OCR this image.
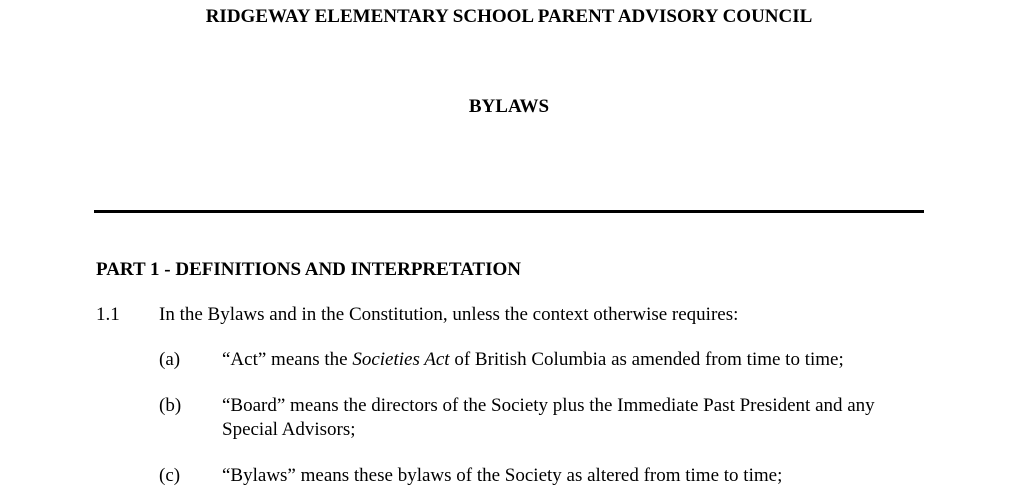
RIDGEWAY ELEMENTARY SCHOOL PARENT ADVISORY COUNCIL
BYLAWS
PART 1 - DEFINITIONS AND INTERPRETATION
1.1 In the Bylaws and in the Constitution, unless the context otherwise requires:
(a) “Act” means the Societies Act of British Columbia as amended from time to time;
(b) “Board” means the directors of the Society plus the Immediate Past President and any Special Advisors;
(c) “Bylaws” means these bylaws of the Society as altered from time to time;
